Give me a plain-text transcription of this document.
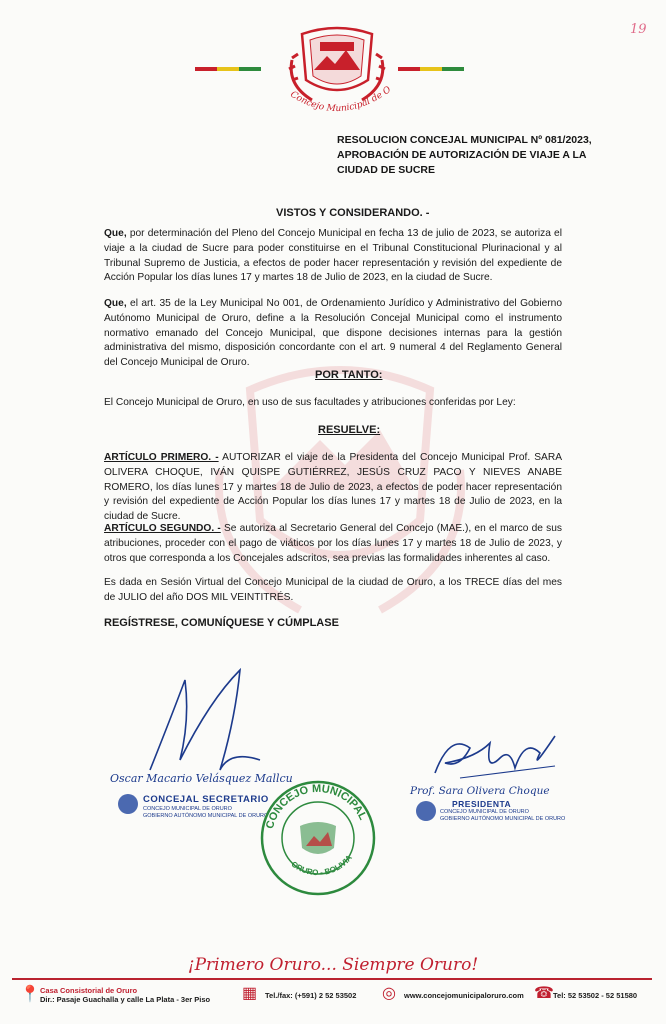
19
Concejo Municipal de O
RESOLUCION CONCEJAL MUNICIPAL Nº 081/2023,
APROBACIÓN DE AUTORIZACIÓN DE VIAJE A LA
CIUDAD DE SUCRE
VISTOS Y CONSIDERANDO. -
Que, por determinación del Pleno del Concejo Municipal en fecha 13 de julio de 2023, se autoriza el viaje a la ciudad de Sucre para poder constituirse en el Tribunal Constitucional Plurinacional y al Tribunal Supremo de Justicia, a efectos de poder hacer representación y revisión del expediente de Acción Popular los días lunes 17 y martes 18 de Julio de 2023, en la ciudad de Sucre.
Que, el art. 35 de la Ley Municipal No 001, de Ordenamiento Jurídico y Administrativo del Gobierno Autónomo Municipal de Oruro, define a la Resolución Concejal Municipal como el instrumento normativo emanado del Concejo Municipal, que dispone decisiones internas para la gestión administrativa del mismo, disposición concordante con el art. 9 numeral 4 del Reglamento General del Concejo Municipal de Oruro.
POR TANTO:
El Concejo Municipal de Oruro, en uso de sus facultades y atribuciones conferidas por Ley:
RESUELVE:
ARTÍCULO PRIMERO. - AUTORIZAR el viaje de la Presidenta del Concejo Municipal Prof. SARA OLIVERA CHOQUE, IVÁN QUISPE GUTIÉRREZ, JESÚS CRUZ PACO Y NIEVES ANABE ROMERO, los días lunes 17 y martes 18 de Julio de 2023, a efectos de poder hacer representación y revisión del expediente de Acción Popular los días lunes 17 y martes 18 de Julio de 2023, en la ciudad de Sucre.
ARTÍCULO SEGUNDO. - Se autoriza al Secretario General del Concejo (MAE.), en el marco de sus atribuciones, proceder con el pago de viáticos por los días lunes 17 y martes 18 de Julio de 2023, y otros que corresponda a los Concejales adscritos, sea previas las formalidades inherentes al caso.
Es dada en Sesión Virtual del Concejo Municipal de la ciudad de Oruro, a los TRECE días del mes de JULIO del año DOS MIL VEINTITRÉS.
REGÍSTRESE, COMUNÍQUESE Y CÚMPLASE
Oscar Macario Velásquez Mallcu
CONCEJAL SECRETARIO
CONCEJO MUNICIPAL DE ORURO
GOBIERNO AUTÓNOMO MUNICIPAL DE ORURO
CONCEJO MUNICIPAL
ORURO - BOLIVIA
Prof. Sara Olivera Choque
PRESIDENTA
CONCEJO MUNICIPAL DE ORURO
GOBIERNO AUTÓNOMO MUNICIPAL DE ORURO
¡Primero Oruro... Siempre Oruro!
📍 Casa Consistorial de Oruro
Dir.: Pasaje Guachalla y calle La Plata - 3er Piso ▦ Tel./fax: (+591) 2 52 53502 ◎ www.concejomunicipaloruro.com ☎ Tel: 52 53502 - 52 51580
